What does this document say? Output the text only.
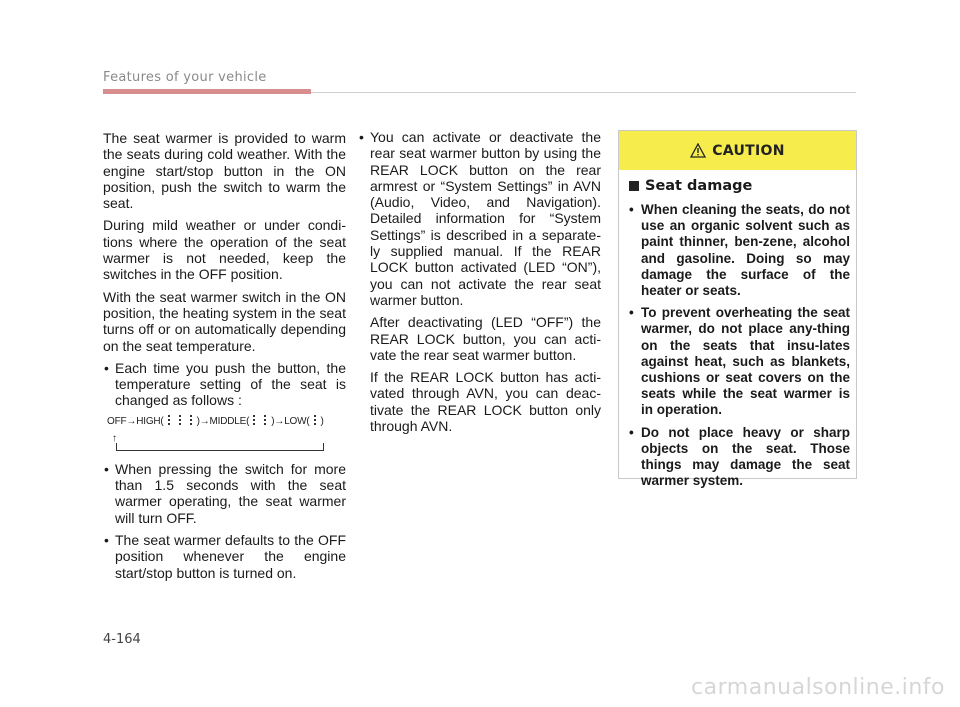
Features of your vehicle

The seat warmer is provided to warm the seats during cold weather. With the engine start/stop button in the ON position, push the switch to warm the seat.

During mild weather or under condi-tions where the operation of the seat warmer is not needed, keep the switches in the OFF position.

With the seat warmer switch in the ON position, the heating system in the seat turns off or on automatically depending on the seat temperature.

• Each time you push the button, the temperature setting of the seat is changed as follows :
OFF→HIGH(	)→MIDDLE( )→LOW( )
↑
• When pressing the switch for more than 1.5 seconds with the seat warmer operating, the seat warmer will turn OFF.
• The seat warmer defaults to the OFF position whenever the engine start/stop button is turned on.
• You can activate or deactivate the rear seat warmer button by using the REAR LOCK button on the rear armrest or “System Settings” in AVN (Audio, Video, and Navigation). Detailed information for “System Settings” is described in a separate-ly supplied manual. If the REAR LOCK button activated (LED “ON”), you can not activate the rear seat warmer button.

After deactivating (LED “OFF”) the REAR LOCK button, you can acti-vate the rear seat warmer button.

If the REAR LOCK button has acti-vated through AVN, you can deac-tivate the REAR LOCK button only through AVN.

CAUTION
Seat damage
• When cleaning the seats, do not use an organic solvent such as paint thinner, ben-zene, alcohol and gasoline. Doing so may damage the surface of the heater or seats.
• To prevent overheating the seat warmer, do not place any-thing on the seats that insu-lates against heat, such as blankets, cushions or seat covers on the seats while the seat warmer is in operation.
• Do not place heavy or sharp objects on the seat. Those things may damage the seat warmer system.
4-164
carmanualsonline.info
